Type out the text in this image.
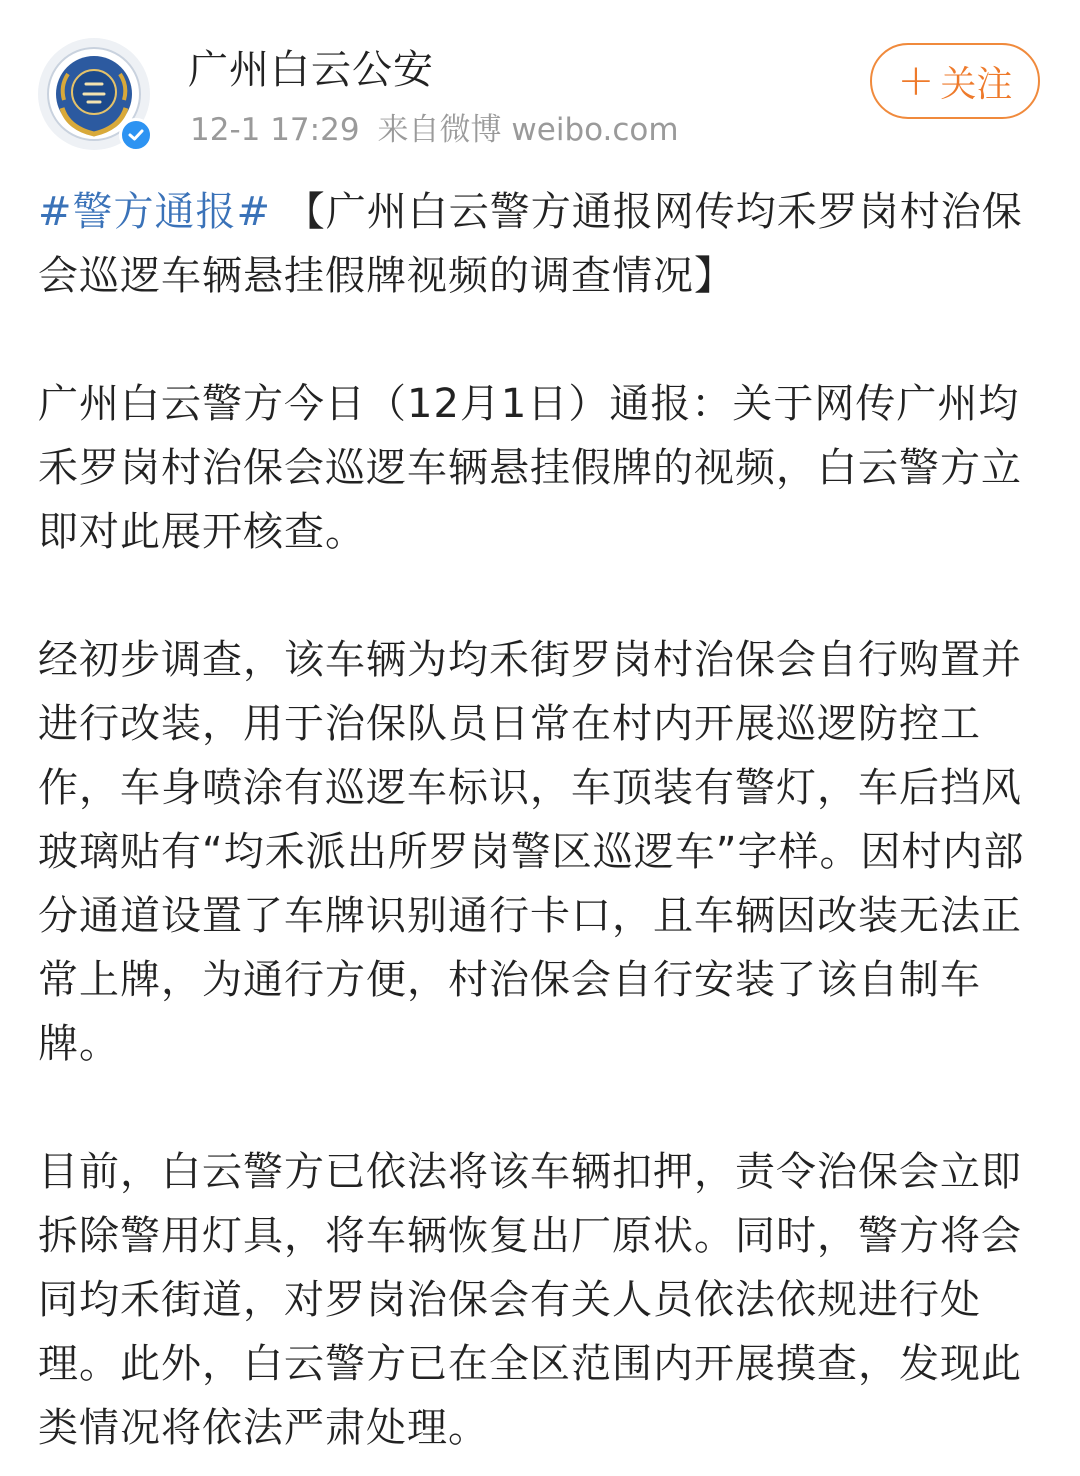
广州白云公安
12-1 17:29 来自微博 weibo.com
+ 关注

#警方通报# 【广州白云警方通报网传均禾罗岗村治保会巡逻车辆悬挂假牌视频的调查情况】

广州白云警方今日（12月1日）通报：关于网传广州均禾罗岗村治保会巡逻车辆悬挂假牌的视频，白云警方立即对此展开核查。

经初步调查，该车辆为均禾街罗岗村治保会自行购置并进行改装，用于治保队员日常在村内开展巡逻防控工作，车身喷涂有巡逻车标识，车顶装有警灯，车后挡风玻璃贴有“均禾派出所罗岗警区巡逻车”字样。因村内部分通道设置了车牌识别通行卡口，且车辆因改装无法正常上牌，为通行方便，村治保会自行安装了该自制车牌。

目前，白云警方已依法将该车辆扣押，责令治保会立即拆除警用灯具，将车辆恢复出厂原状。同时，警方将会同均禾街道，对罗岗治保会有关人员依法依规进行处理。此外，白云警方已在全区范围内开展摸查，发现此类情况将依法严肃处理。
